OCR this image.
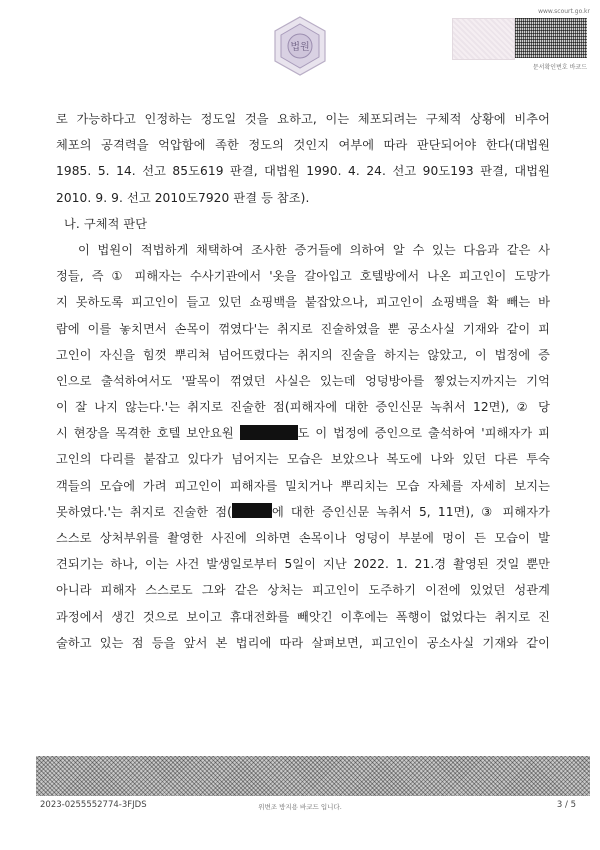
법원
www.scourt.go.kr
문서확인번호 바코드
로 가능하다고 인정하는 정도일 것을 요하고, 이는 체포되려는 구체적 상황에 비추어
체포의 공격력을 억압함에 족한 정도의 것인지 여부에 따라 판단되어야 한다(대법원
1985. 5. 14. 선고 85도619 판결, 대법원 1990. 4. 24. 선고 90도193 판결, 대법원
2010. 9. 9. 선고 2010도7920 판결 등 참조).
나. 구체적 판단
이 법원이 적법하게 채택하여 조사한 증거들에 의하여 알 수 있는 다음과 같은 사
정들, 즉 ① 피해자는 수사기관에서 '옷을 갈아입고 호텔방에서 나온 피고인이 도망가
지 못하도록 피고인이 들고 있던 쇼핑백을 붙잡았으나, 피고인이 쇼핑백을 확 빼는 바
람에 이를 놓치면서 손목이 꺾였다'는 취지로 진술하였을 뿐 공소사실 기재와 같이 피
고인이 자신을 힘껏 뿌리쳐 넘어뜨렸다는 취지의 진술을 하지는 않았고, 이 법정에 증
인으로 출석하여서도 '팔목이 꺾였던 사실은 있는데 엉덩방아를 찧었는지까지는 기억
이 잘 나지 않는다.'는 취지로 진술한 점(피해자에 대한 증인신문 녹취서 12면), ② 당
시 현장을 목격한 호텔 보안요원	도 이 법정에 증인으로 출석하여 '피해자가 피
고인의 다리를 붙잡고 있다가 넘어지는 모습은 보았으나 복도에 나와 있던 다른 투숙
객들의 모습에 가려 피고인이 피해자를 밀치거나 뿌리치는 모습 자체를 자세히 보지는
못하였다.'는 취지로 진술한 점(	에 대한 증인신문 녹취서 5, 11면), ③ 피해자가
스스로 상처부위를 촬영한 사진에 의하면 손목이나 엉덩이 부분에 멍이 든 모습이 발
견되기는 하나, 이는 사건 발생일로부터 5일이 지난 2022. 1. 21.경 촬영된 것일 뿐만
아니라 피해자 스스로도 그와 같은 상처는 피고인이 도주하기 이전에 있었던 성관계
과정에서 생긴 것으로 보이고 휴대전화를 빼앗긴 이후에는 폭행이 없었다는 취지로 진
술하고 있는 점 등을 앞서 본 법리에 따라 살펴보면, 피고인이 공소사실 기재와 같이
2023-0255552774-3FJDS	위변조 방지용 바코드 입니다.	3 / 5
